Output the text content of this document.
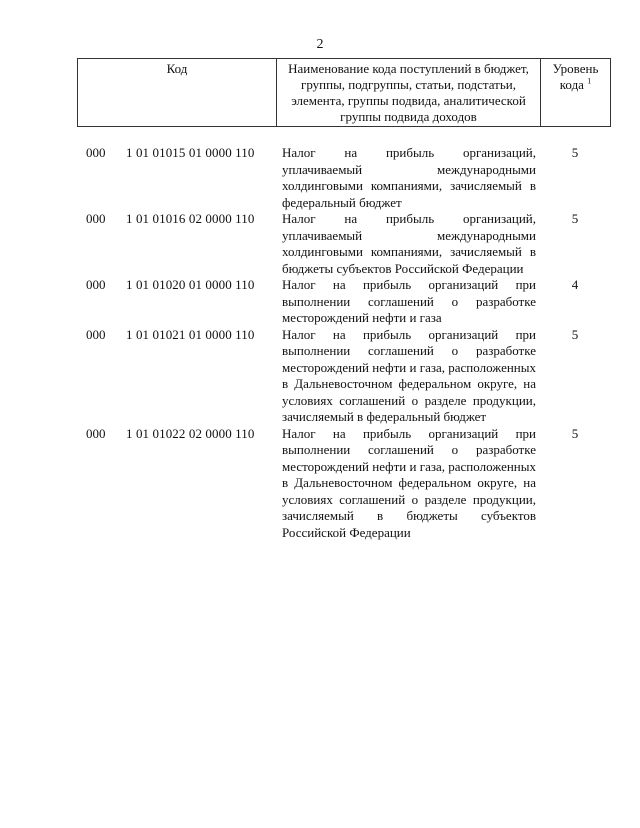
2
Код	Наименование кода поступлений в бюджет, группы, подгруппы, статьи, подстатьи, элемента, группы подвида, аналитической группы подвида доходов
Уровень кода $^1$
000 1 01 01015 01 0000 110 Налог на прибыль организаций, уплачиваемый международными холдинговыми компаниями, зачисляемый в федеральный бюджет
5
000 1 01 01016 02 0000 110 Налог на прибыль организаций, уплачиваемый международными холдинговыми компаниями, зачисляемый в бюджеты субъектов Российской Федерации
5
000 1 01 01020 01 0000 110 Налог на прибыль организаций при выполнении соглашений о разработке месторождений нефти и газа
4
000 1 01 01021 01 0000 110 Налог на прибыль организаций при выполнении соглашений о разработке месторождений нефти и газа, расположенных в Дальневосточном федеральном округе, на условиях соглашений о разделе продукции, зачисляемый в федеральный бюджет
5
000 1 01 01022 02 0000 110 Налог на прибыль организаций при выполнении соглашений о разработке месторождений нефти и газа, расположенных в Дальневосточном федеральном округе, на условиях соглашений о разделе продукции, зачисляемый в бюджеты субъектов Российской Федерации
5
